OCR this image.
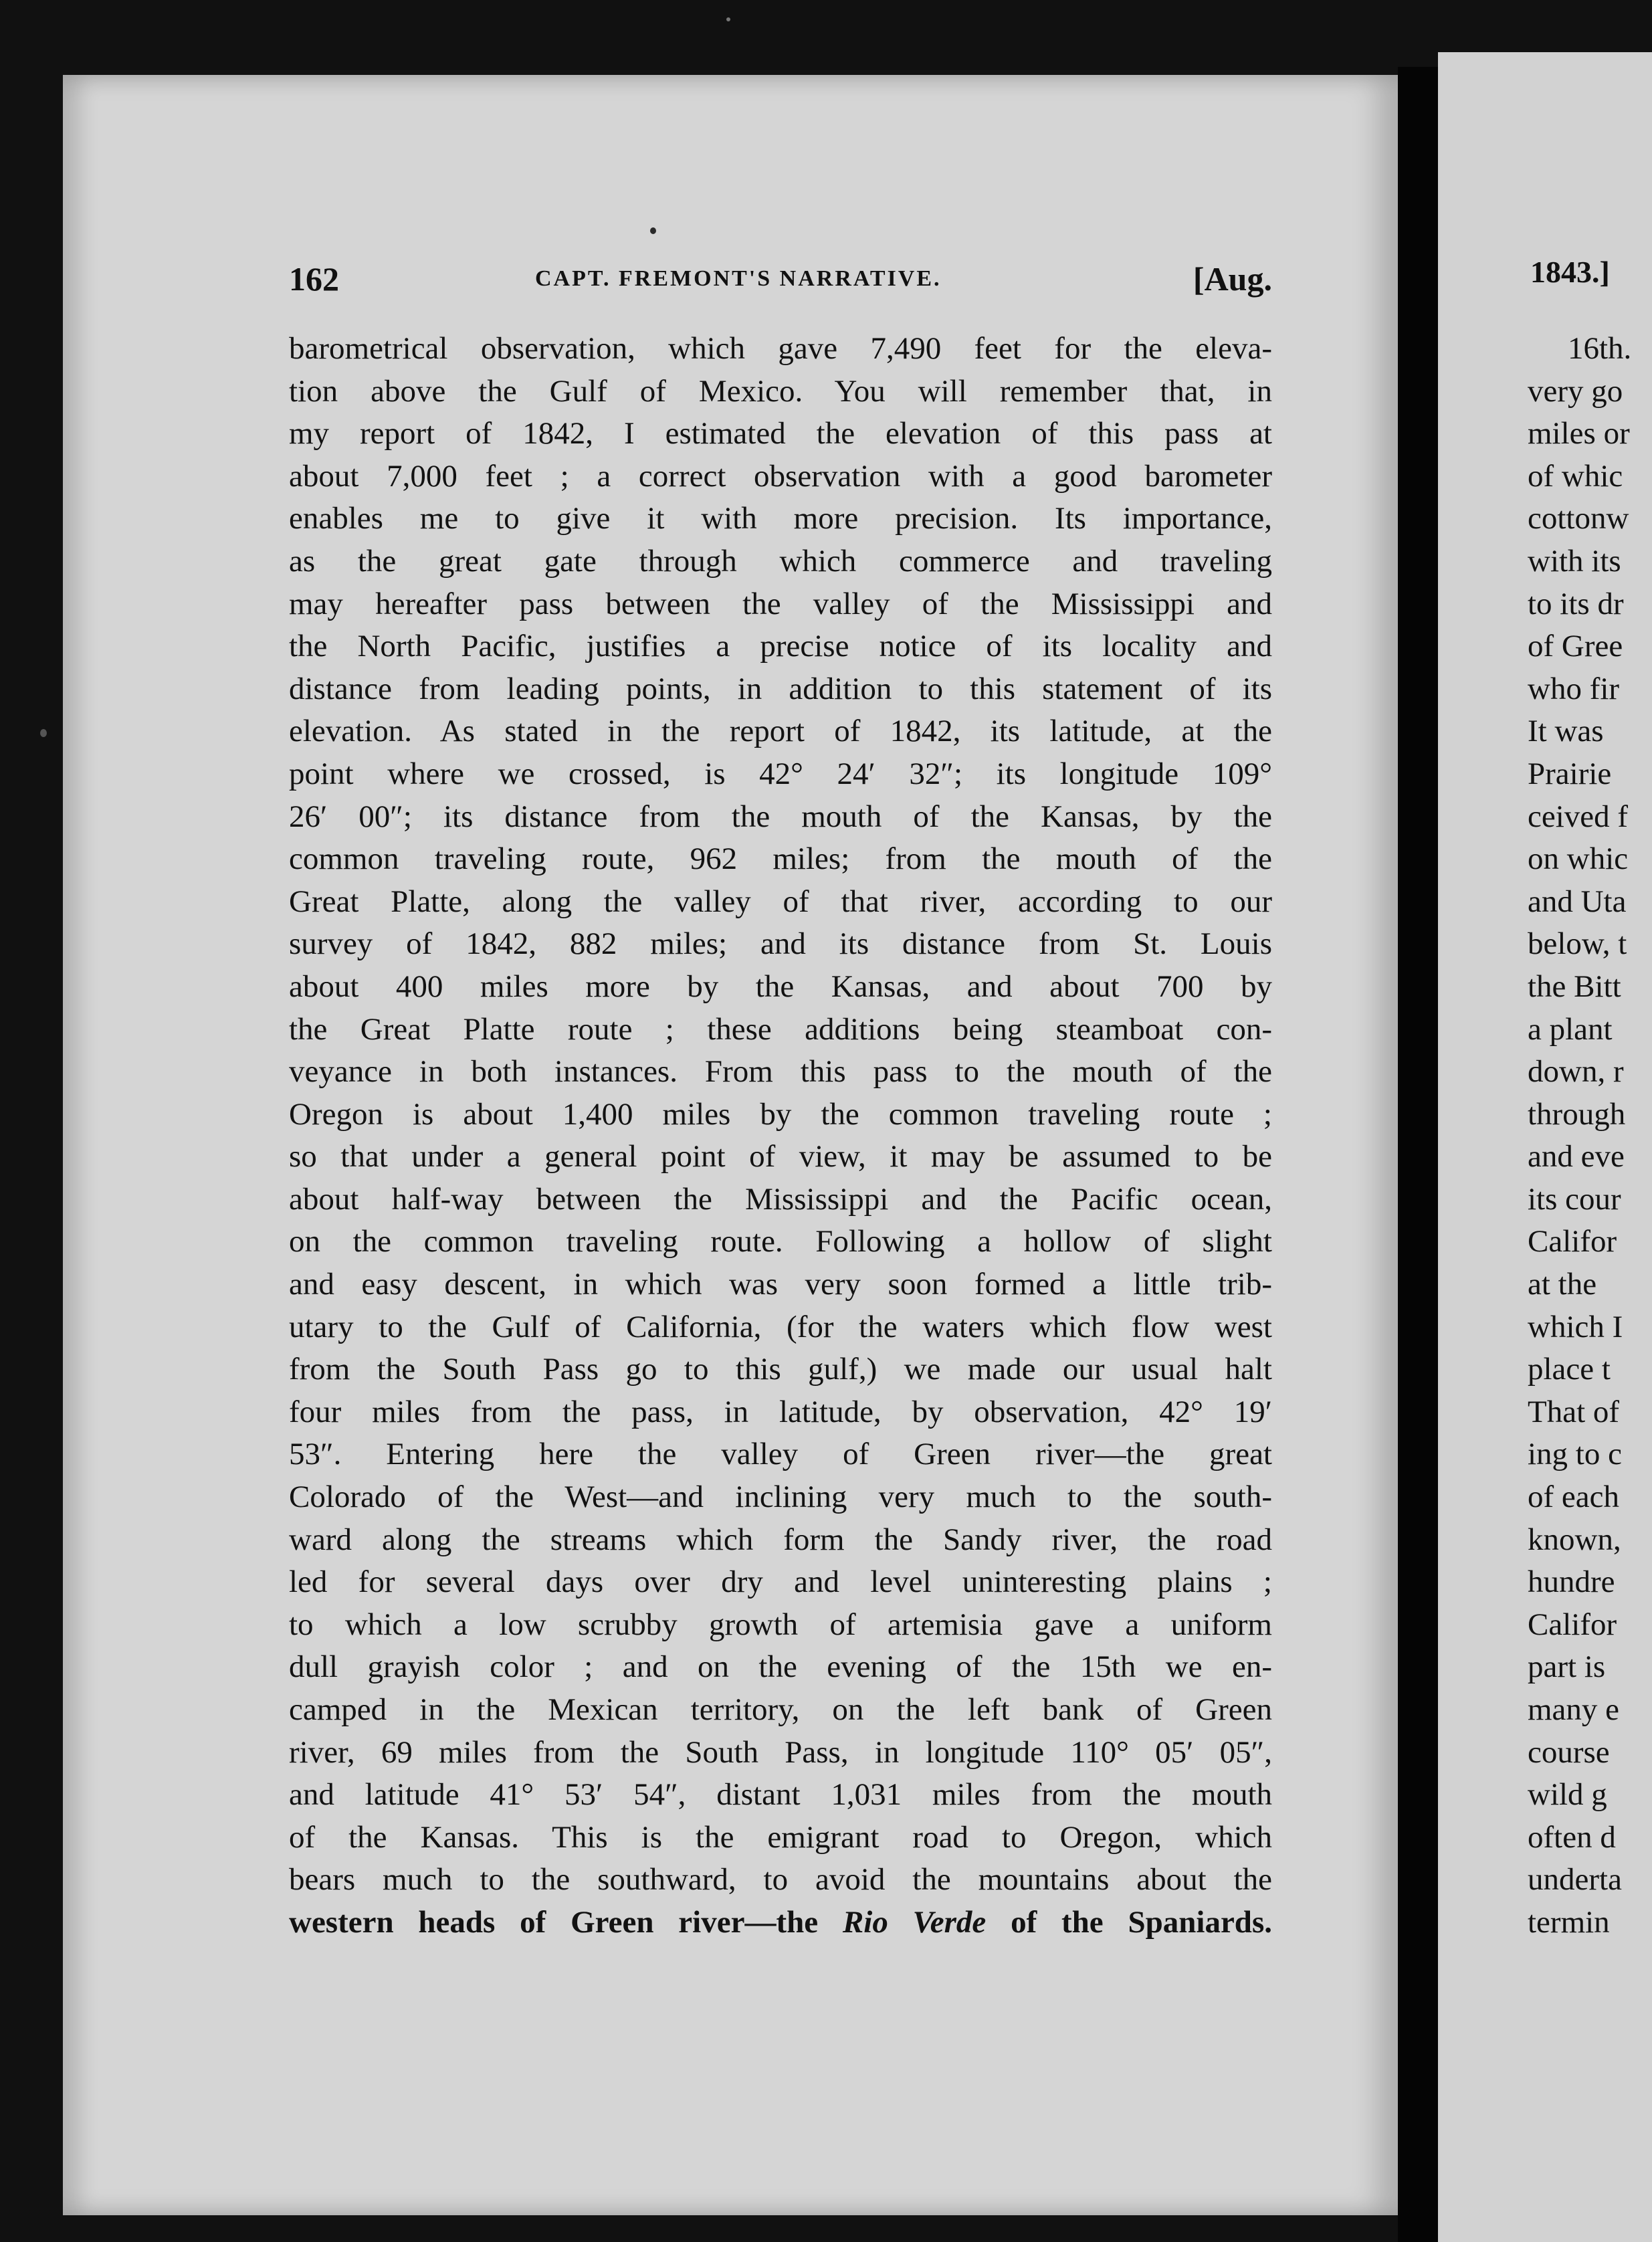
162	CAPT. FREMONT'S NARRATIVE.	[Aug.
barometrical observation, which gave 7,490 feet for the eleva-
tion above the Gulf of Mexico. You will remember that, in
my report of 1842, I estimated the elevation of this pass at
about 7,000 feet ; a correct observation with a good barometer
enables me to give it with more precision. Its importance,
as the great gate through which commerce and traveling
may hereafter pass between the valley of the Mississippi and
the North Pacific, justifies a precise notice of its locality and
distance from leading points, in addition to this statement of its
elevation. As stated in the report of 1842, its latitude, at the
point where we crossed, is 42° 24′ 32″; its longitude 109°
26′ 00″; its distance from the mouth of the Kansas, by the
common traveling route, 962 miles; from the mouth of the
Great Platte, along the valley of that river, according to our
survey of 1842, 882 miles; and its distance from St. Louis
about 400 miles more by the Kansas, and about 700 by
the Great Platte route ; these additions being steamboat con-
veyance in both instances. From this pass to the mouth of the
Oregon is about 1,400 miles by the common traveling route ;
so that under a general point of view, it may be assumed to be
about half-way between the Mississippi and the Pacific ocean,
on the common traveling route. Following a hollow of slight
and easy descent, in which was very soon formed a little trib-
utary to the Gulf of California, (for the waters which flow west
from the South Pass go to this gulf,) we made our usual halt
four miles from the pass, in latitude, by observation, 42° 19′
53″. Entering here the valley of Green river—the great
Colorado of the West—and inclining very much to the south-
ward along the streams which form the Sandy river, the road
led for several days over dry and level uninteresting plains ;
to which a low scrubby growth of artemisia gave a uniform
dull grayish color ; and on the evening of the 15th we en-
camped in the Mexican territory, on the left bank of Green
river, 69 miles from the South Pass, in longitude 110° 05′ 05″,
and latitude 41° 53′ 54″, distant 1,031 miles from the mouth
of the Kansas. This is the emigrant road to Oregon, which
bears much to the southward, to avoid the mountains about the
western heads of Green river—the Rio Verde of the Spaniards.
1843.]
16th.
very go
miles or
of whic
cottonw
with its
to its dr
of Gree
who fir
It was
Prairie
ceived f
on whic
and Uta
below, t
the Bitt
a plant
down, r
through
and eve
its cour
Califor
at the
which I
place t
That of
ing to c
of each
known,
hundre
Califor
part is
many e
course
wild g
often d
underta
termin
